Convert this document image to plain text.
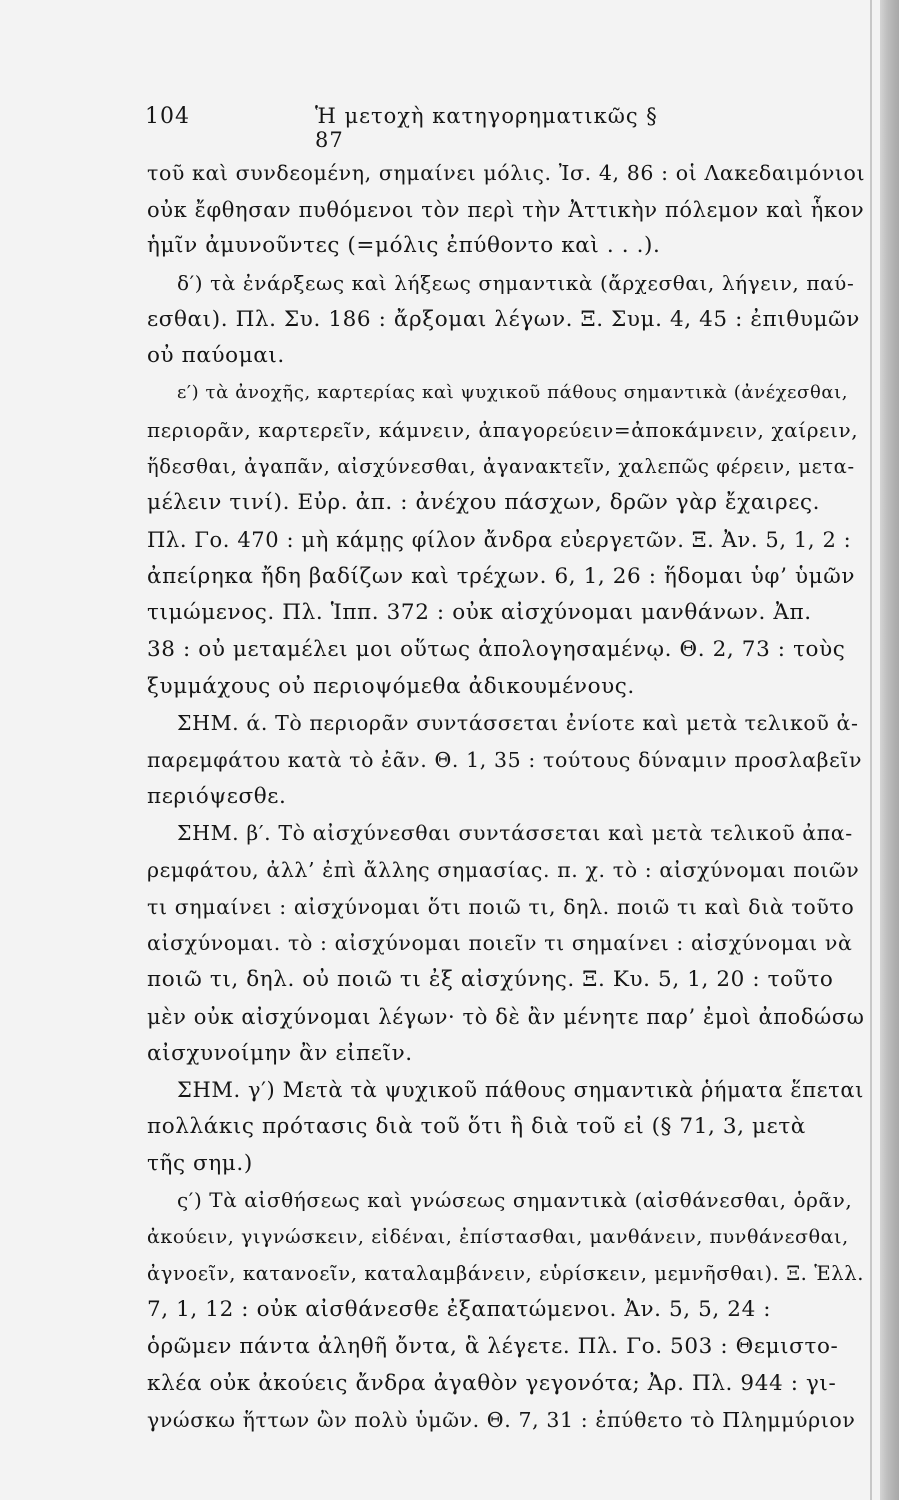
104	Ἡ μετοχὴ κατηγορηματικῶς § 87
τοῦ καὶ συνδεομένη, σημαίνει μόλις. Ἰσ. 4, 86 : οἱ Λακεδαιμόνιοι
οὐκ ἔφθησαν πυθόμενοι τὸν περὶ τὴν Ἀττικὴν πόλεμον καὶ ἧκον
ἡμῖν ἀμυνοῦντες (=μόλις ἐπύθοντο καὶ . . .).
δ′) τὰ ἐνάρξεως καὶ λήξεως σημαντικὰ (ἄρχεσθαι, λήγειν, παύ-
εσθαι). Πλ. Συ. 186 : ἄρξομαι λέγων. Ξ. Συμ. 4, 45 : ἐπιθυμῶν
οὐ παύομαι.
ε′) τὰ ἀνοχῆς, καρτερίας καὶ ψυχικοῦ πάθους σημαντικὰ (ἀνέχεσθαι,
περιορᾶν, καρτερεῖν, κάμνειν, ἀπαγορεύειν=ἀποκάμνειν, χαίρειν,
ἥδεσθαι, ἀγαπᾶν, αἰσχύνεσθαι, ἀγανακτεῖν, χαλεπῶς φέρειν, μετα-
μέλειν τινί). Εὐρ. ἀπ. : ἀνέχου πάσχων, δρῶν γὰρ ἔχαιρες.
Πλ. Γο. 470 : μὴ κάμῃς φίλον ἄνδρα εὐεργετῶν. Ξ. Ἀν. 5, 1, 2 :
ἀπείρηκα ἤδη βαδίζων καὶ τρέχων. 6, 1, 26 : ἥδομαι ὑφ’ ὑμῶν
τιμώμενος. Πλ. Ἱππ. 372 : οὐκ αἰσχύνομαι μανθάνων. Ἀπ.
38 : οὐ μεταμέλει μοι οὕτως ἀπολογησαμένῳ. Θ. 2, 73 : τοὺς
ξυμμάχους οὐ περιοψόμεθα ἀδικουμένους.
ΣΗΜ. ά. Τὸ περιορᾶν συντάσσεται ἐνίοτε καὶ μετὰ τελικοῦ ἀ-
παρεμφάτου κατὰ τὸ ἐᾶν. Θ. 1, 35 : τούτους δύναμιν προσλαβεῖν
περιόψεσθε.
ΣΗΜ. β′. Τὸ αἰσχύνεσθαι συντάσσεται καὶ μετὰ τελικοῦ ἀπα-
ρεμφάτου, ἀλλ’ ἐπὶ ἄλλης σημασίας. π. χ. τὸ : αἰσχύνομαι ποιῶν
τι σημαίνει : αἰσχύνομαι ὅτι ποιῶ τι, δηλ. ποιῶ τι καὶ διὰ τοῦτο
αἰσχύνομαι. τὸ : αἰσχύνομαι ποιεῖν τι σημαίνει : αἰσχύνομαι νὰ
ποιῶ τι, δηλ. οὐ ποιῶ τι ἐξ αἰσχύνης. Ξ. Κυ. 5, 1, 20 : τοῦτο
μὲν οὐκ αἰσχύνομαι λέγων· τὸ δὲ ἂν μένητε παρ’ ἐμοὶ ἀποδώσω
αἰσχυνοίμην ἂν εἰπεῖν.
ΣΗΜ. γ′) Μετὰ τὰ ψυχικοῦ πάθους σημαντικὰ ῥήματα ἕπεται
πολλάκις πρότασις διὰ τοῦ ὅτι ἢ διὰ τοῦ εἰ (§ 71, 3, μετὰ
τῆς σημ.)
ς′) Τὰ αἰσθήσεως καὶ γνώσεως σημαντικὰ (αἰσθάνεσθαι, ὁρᾶν,
ἀκούειν, γιγνώσκειν, εἰδέναι, ἐπίστασθαι, μανθάνειν, πυνθάνεσθαι,
ἀγνοεῖν, κατανοεῖν, καταλαμβάνειν, εὑρίσκειν, μεμνῆσθαι). Ξ. Ἑλλ.
7, 1, 12 : οὐκ αἰσθάνεσθε ἐξαπατώμενοι. Ἀν. 5, 5, 24 :
ὁρῶμεν πάντα ἀληθῆ ὄντα, ἃ λέγετε. Πλ. Γο. 503 : Θεμιστο-
κλέα οὐκ ἀκούεις ἄνδρα ἀγαθὸν γεγονότα; Ἀρ. Πλ. 944 : γι-
γνώσκω ἥττων ὢν πολὺ ὑμῶν. Θ. 7, 31 : ἐπύθετο τὸ Πλημμύριον
